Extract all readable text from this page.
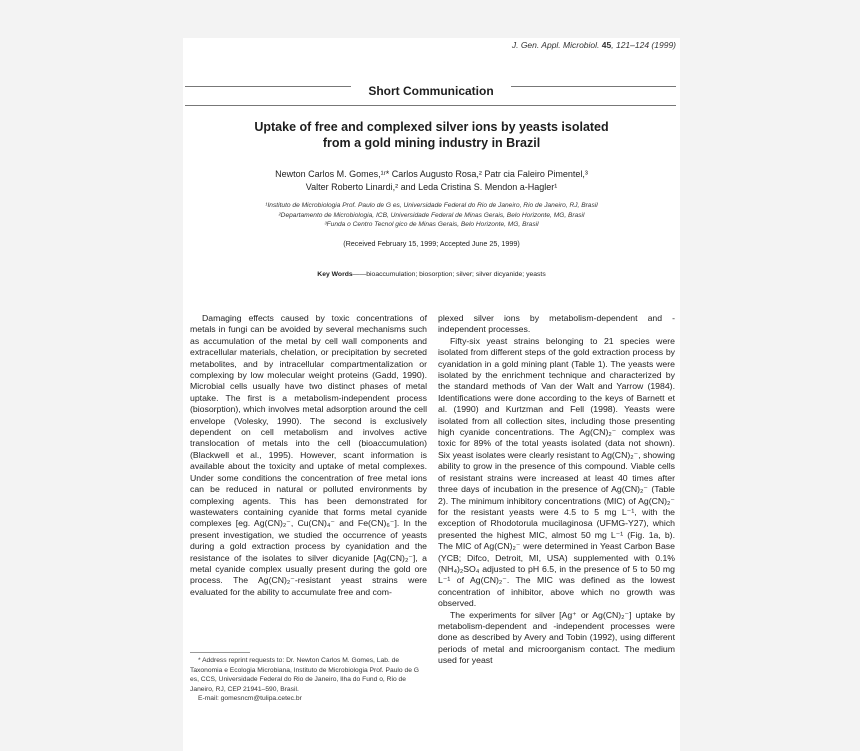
J. Gen. Appl. Microbiol. 45, 121–124 (1999)
Short Communication
Uptake of free and complexed silver ions by yeasts isolated
from a gold mining industry in Brazil
Newton Carlos M. Gomes,¹ʳ* Carlos Augusto Rosa,² Patr cia Faleiro Pimentel,³
Valter Roberto Linardi,² and Leda Cristina S. Mendon a-Hagler¹
¹Instituto de Microbiologia Prof. Paulo de G es, Universidade Federal do Rio de Janeiro, Rio de Janeiro, RJ, Brasil
²Departamento de Microbiologia, ICB, Universidade Federal de Minas Gerais, Belo Horizonte, MG, Brasil
³Funda o Centro Tecnol gico de Minas Gerais, Belo Horizonte, MG, Brasil
(Received February 15, 1999; Accepted June 25, 1999)
Key Words——bioaccumulation; biosorption; silver; silver dicyanide; yeasts

Damaging effects caused by toxic concentrations of metals in fungi can be avoided by several mechanisms such as accumulation of the metal by cell wall components and extracellular materials, chelation, or precipitation by secreted metabolites, and by intracellular compartmentalization or complexing by low molecular weight proteins (Gadd, 1990). Microbial cells usually have two distinct phases of metal uptake. The first is a metabolism-independent process (biosorption), which involves metal adsorption around the cell envelope (Volesky, 1990). The second is exclusively dependent on cell metabolism and involves active translocation of metals into the cell (bioaccumulation) (Blackwell et al., 1995). However, scant information is available about the toxicity and uptake of metal complexes. Under some conditions the concentration of free metal ions can be reduced in natural or polluted environments by complexing agents. This has been demonstrated for wastewaters containing cyanide that forms metal cyanide complexes [eg. Ag(CN)₂⁻, Cu(CN)₄⁻ and Fe(CN)₆⁻]. In the present investigation, we studied the occurrence of yeasts during a gold extraction process by cyanidation and the resistance of the isolates to silver dicyanide [Ag(CN)₂⁻], a metal cyanide complex usually present during the gold ore process. The Ag(CN)₂⁻-resistant yeast strains were evaluated for the ability to accumulate free and com-

plexed silver ions by metabolism-dependent and -independent processes.

Fifty-six yeast strains belonging to 21 species were isolated from different steps of the gold extraction process by cyanidation in a gold mining plant (Table 1). The yeasts were isolated by the enrichment technique and characterized by the standard methods of Van der Walt and Yarrow (1984). Identifications were done according to the keys of Barnett et al. (1990) and Kurtzman and Fell (1998). Yeasts were isolated from all collection sites, including those presenting high cyanide concentrations. The Ag(CN)₂⁻ complex was toxic for 89% of the total yeasts isolated (data not shown). Six yeast isolates were clearly resistant to Ag(CN)₂⁻, showing ability to grow in the presence of this compound. Viable cells of resistant strains were increased at least 40 times after three days of incubation in the presence of Ag(CN)₂⁻ (Table 2). The minimum inhibitory concentrations (MIC) of Ag(CN)₂⁻ for the resistant yeasts were 4.5 to 5 mg L⁻¹, with the exception of Rhodotorula mucilaginosa (UFMG-Y27), which presented the highest MIC, almost 50 mg L⁻¹ (Fig. 1a, b). The MIC of Ag(CN)₂⁻ were determined in Yeast Carbon Base (YCB; Difco, Detroit, MI, USA) supplemented with 0.1% (NH₄)₂SO₄ adjusted to pH 6.5, in the presence of 5 to 50 mg L⁻¹ of Ag(CN)₂⁻. The MIC was defined as the lowest concentration of inhibitor, above which no growth was observed.

The experiments for silver [Ag⁺ or Ag(CN)₂⁻] uptake by metabolism-dependent and -independent processes were done as described by Avery and Tobin (1992), using different periods of metal and microorganism contact. The medium used for yeast

* Address reprint requests to: Dr. Newton Carlos M. Gomes, Lab. de Taxonomia e Ecologia Microbiana, Instituto de Microbiologia Prof. Paulo de G es, CCS, Universidade Federal do Rio de Janeiro, Ilha do Fund o, Rio de Janeiro, RJ, CEP 21941–590, Brasil.
E-mail: gomesncm@tulipa.cetec.br
